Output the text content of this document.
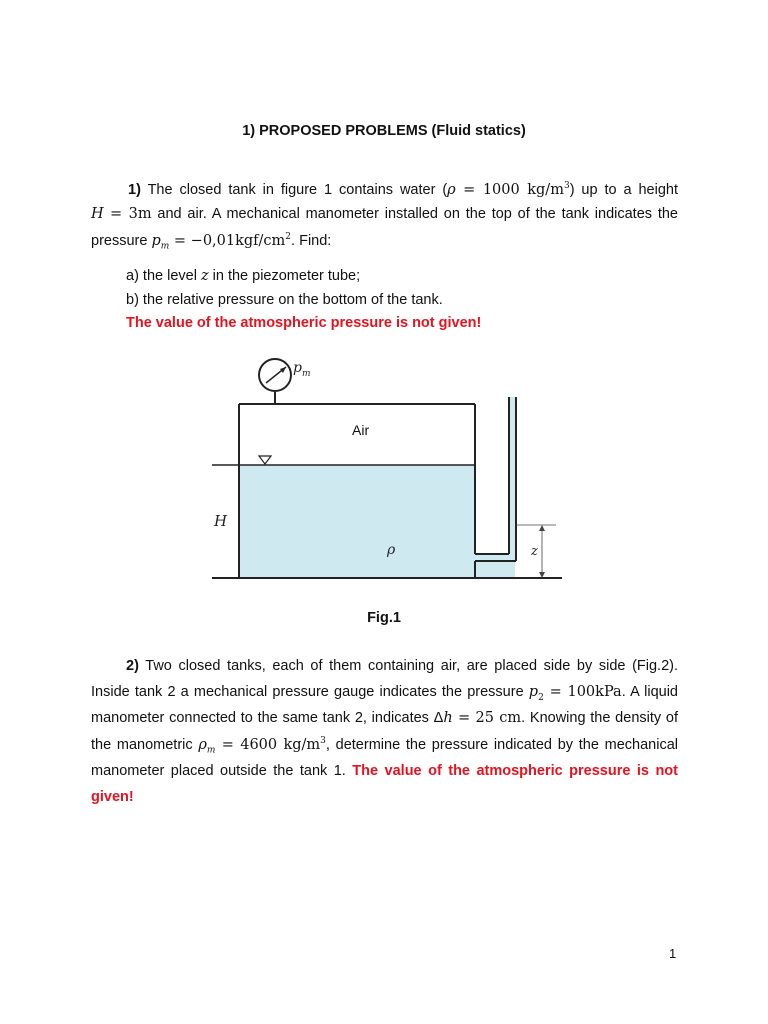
1) PROPOSED PROBLEMS (Fluid statics)
1) The closed tank in figure 1 contains water (ρ = 1000 $kg/m^3$) up to a height
H = 3m and air. A mechanical manometer installed on the top of the tank indicates the
pressure $p_m = -0,01kgf/cm^2$. Find:
a) the level z in the piezometer tube;
b) the relative pressure on the bottom of the tank.
The value of the atmospheric pressure is not given!
$p_m$
Air
H
ρ	z
Fig.1
2) Two closed tanks, each of them containing air, are placed side by side (Fig.2).
Inside tank 2 a mechanical pressure gauge indicates the pressure $p_2 = 100kPa$. A liquid
manometer connected to the same tank 2, indicates Δh = 25 cm. Knowing the density of
the manometric $\rho_m = 4600$ $kg/m^3$, determine the pressure indicated by the mechanical
manometer placed outside the tank 1. The value of the atmospheric pressure is not
given!
1
